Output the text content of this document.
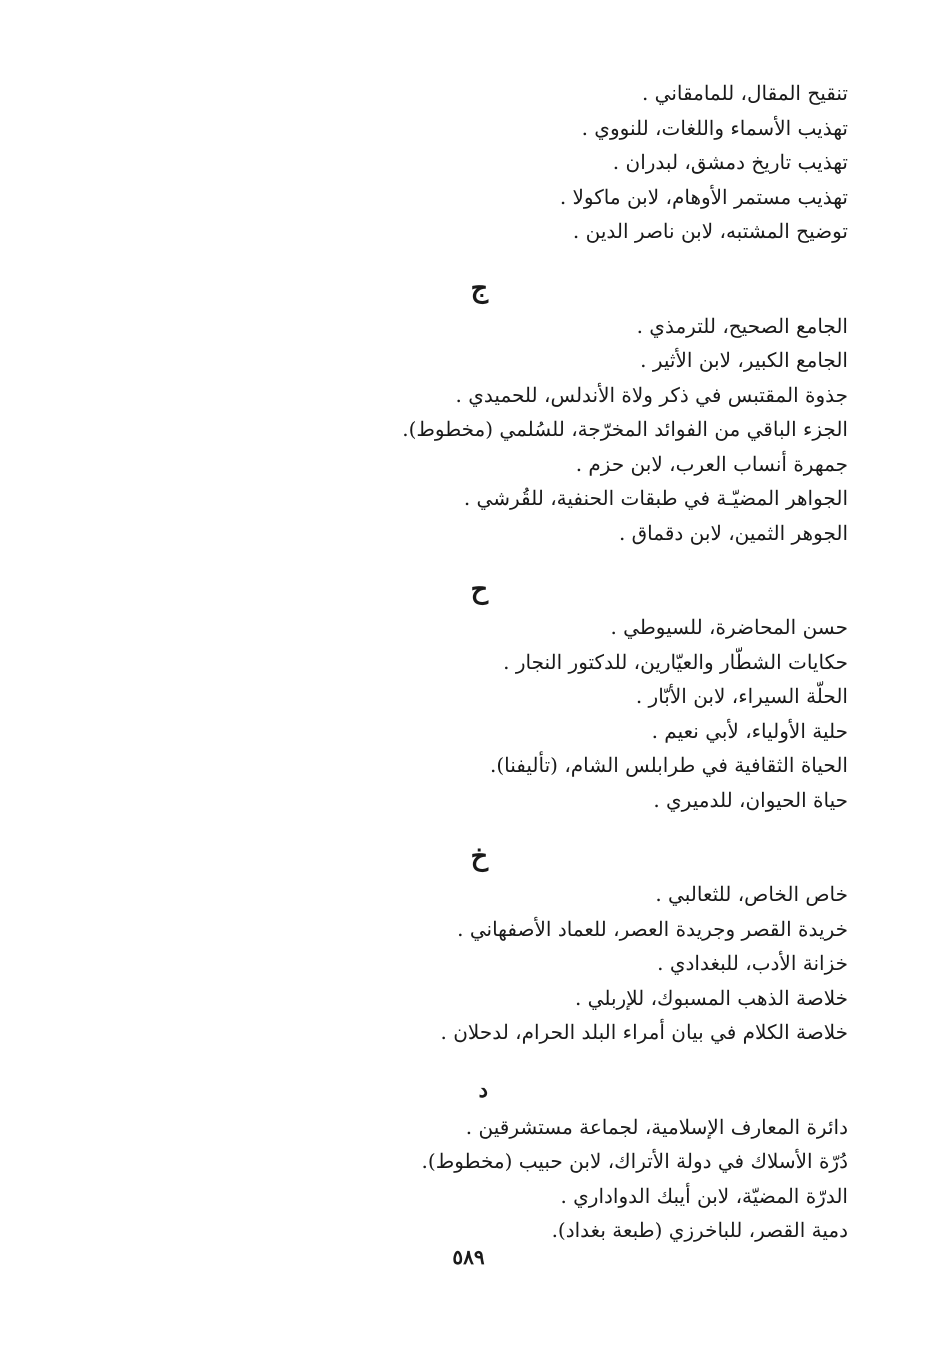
تنقيح المقال، للمامقاني .

تهذيب الأسماء واللغات، للنووي .

تهذيب تاريخ دمشق، لبدران .

تهذيب مستمر الأوهام، لابن ماكولا .

توضيح المشتبه، لابن ناصر الدين .

ج

الجامع الصحيح، للترمذي .

الجامع الكبير، لابن الأثير .

جذوة المقتبس في ذكر ولاة الأندلس، للحميدي .

الجزء الباقي من الفوائد المخرّجة، للسُلمي (مخطوط).

جمهرة أنساب العرب، لابن حزم .

الجواهر المضيّـة في طبقات الحنفية، للقُرشي .

الجوهر الثمين، لابن دقماق .

ح

حسن المحاضرة، للسيوطي .

حكايات الشطّار والعيّارين، للدكتور النجار .

الحلّة السيراء، لابن الأبّار .

حلية الأولياء، لأبي نعيم .

الحياة الثقافية في طرابلس الشام، (تأليفنا).

حياة الحيوان، للدميري .

خ

خاص الخاص، للثعالبي .

خريدة القصر وجريدة العصر، للعماد الأصفهاني .

خزانة الأدب، للبغدادي .

خلاصة الذهب المسبوك، للإربلي .

خلاصة الكلام في بيان أمراء البلد الحرام، لدحلان .

د

دائرة المعارف الإسلامية، لجماعة مستشرقين .

دُرّة الأسلاك في دولة الأتراك، لابن حبيب (مخطوط).

الدرّة المضيّة، لابن أيبك الدواداري .

دمية القصر، للباخرزي (طبعة بغداد).

٥٨٩
